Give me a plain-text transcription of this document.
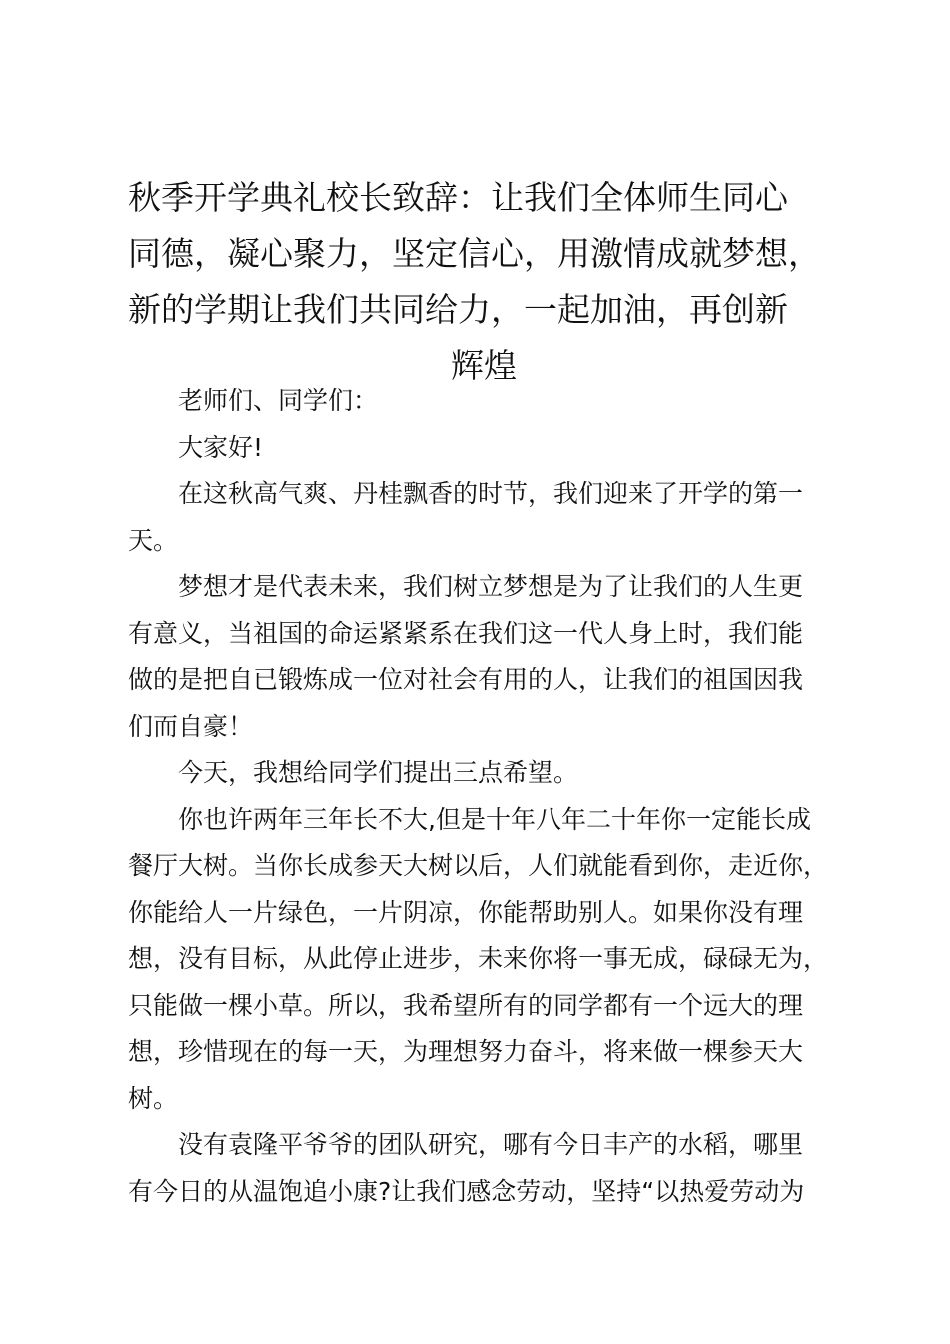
秋季开学典礼校长致辞：让我们全体师生同心
同德，凝心聚力，坚定信心，用激情成就梦想，
新的学期让我们共同给力，一起加油，再创新
辉煌
老师们、同学们：
大家好!
在这秋高气爽、丹桂飘香的时节，我们迎来了开学的第一
天。
梦想才是代表未来，我们树立梦想是为了让我们的人生更
有意义，当祖国的命运紧紧系在我们这一代人身上时，我们能
做的是把自已锻炼成一位对社会有用的人，让我们的祖国因我
们而自豪！
今天，我想给同学们提出三点希望。
你也许两年三年长不大,但是十年八年二十年你一定能长成
餐厅大树。当你长成参天大树以后，人们就能看到你，走近你，
你能给人一片绿色，一片阴凉，你能帮助别人。如果你没有理
想，没有目标，从此停止进步，未来你将一事无成，碌碌无为，
只能做一棵小草。所以，我希望所有的同学都有一个远大的理
想，珍惜现在的每一天，为理想努力奋斗，将来做一棵参天大
树。
没有袁隆平爷爷的团队研究，哪有今日丰产的水稻，哪里
有今日的从温饱追小康?让我们感念劳动，坚持“以热爱劳动为
